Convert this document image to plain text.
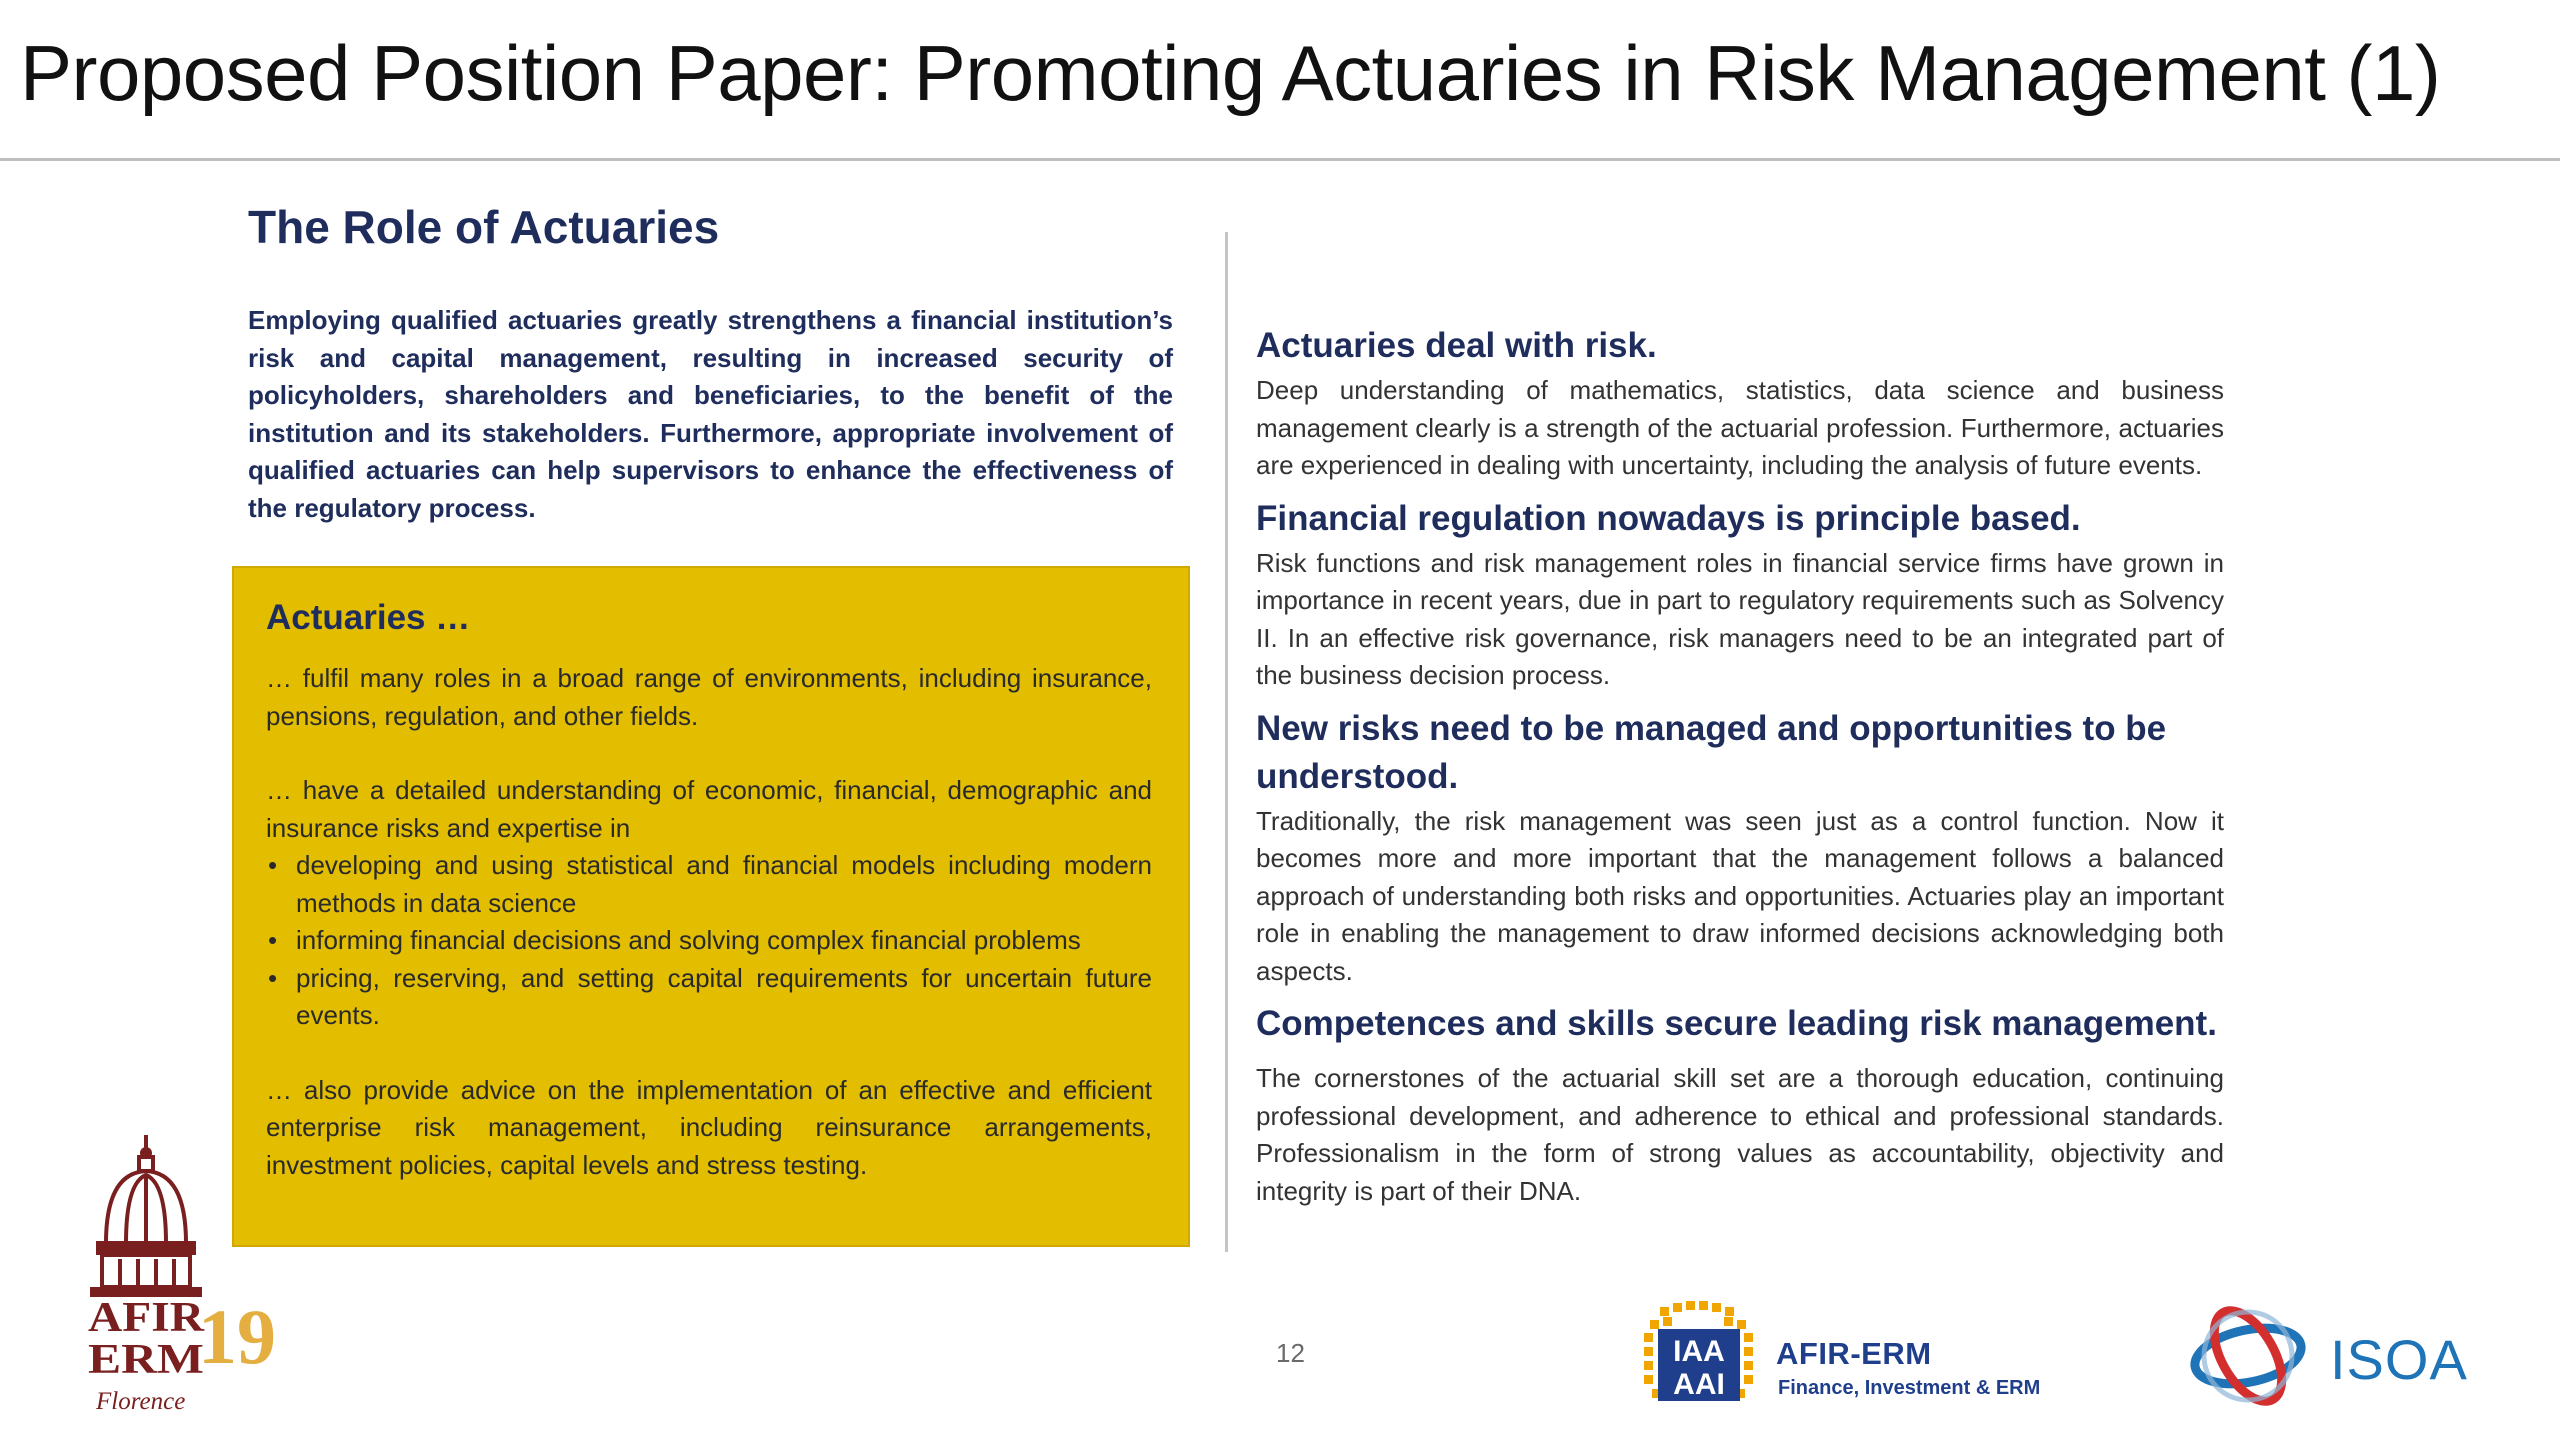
Proposed Position Paper: Promoting Actuaries in Risk Management (1)
The Role of Actuaries

Employing qualified actuaries greatly strengthens a financial institution’s risk and capital management, resulting in increased security of policyholders, shareholders and beneficiaries, to the benefit of the institution and its stakeholders. Furthermore, appropriate involvement of qualified actuaries can help supervisors to enhance the effectiveness of the regulatory process.

Actuaries …

… fulfil many roles in a broad range of environments, including insurance, pensions, regulation, and other fields.

… have a detailed understanding of economic, financial, demographic and insurance risks and expertise in

• developing and using statistical and financial models including modern methods in data science
• informing financial decisions and solving complex financial problems
• pricing, reserving, and setting capital requirements for uncertain future events.

… also provide advice on the implementation of an effective and efficient enterprise risk management, including reinsurance arrangements, investment policies, capital levels and stress testing.

Actuaries deal with risk.

Deep understanding of mathematics, statistics, data science and business management clearly is a strength of the actuarial profession. Furthermore, actuaries are experienced in dealing with uncertainty, including the analysis of future events.

Financial regulation nowadays is principle based.

Risk functions and risk management roles in financial service firms have grown in importance in recent years, due in part to regulatory requirements such as Solvency II. In an effective risk governance, risk managers need to be an integrated part of the business decision process.

New risks need to be managed and opportunities to be understood.

Traditionally, the risk management was seen just as a control function. Now it becomes more and more important that the management follows a balanced approach of understanding both risks and opportunities. Actuaries play an important role in enabling the management to draw informed decisions acknowledging both aspects.

Competences and skills secure leading risk management.

The cornerstones of the actuarial skill set are a thorough education, continuing professional development, and adherence to ethical and professional standards. Professionalism in the form of strong values as accountability, objectivity and integrity is part of their DNA.

12
AFIR
ERM
19
Florence
IAA
AAI
AFIR-ERM
Finance, Investment & ERM	ISOA
